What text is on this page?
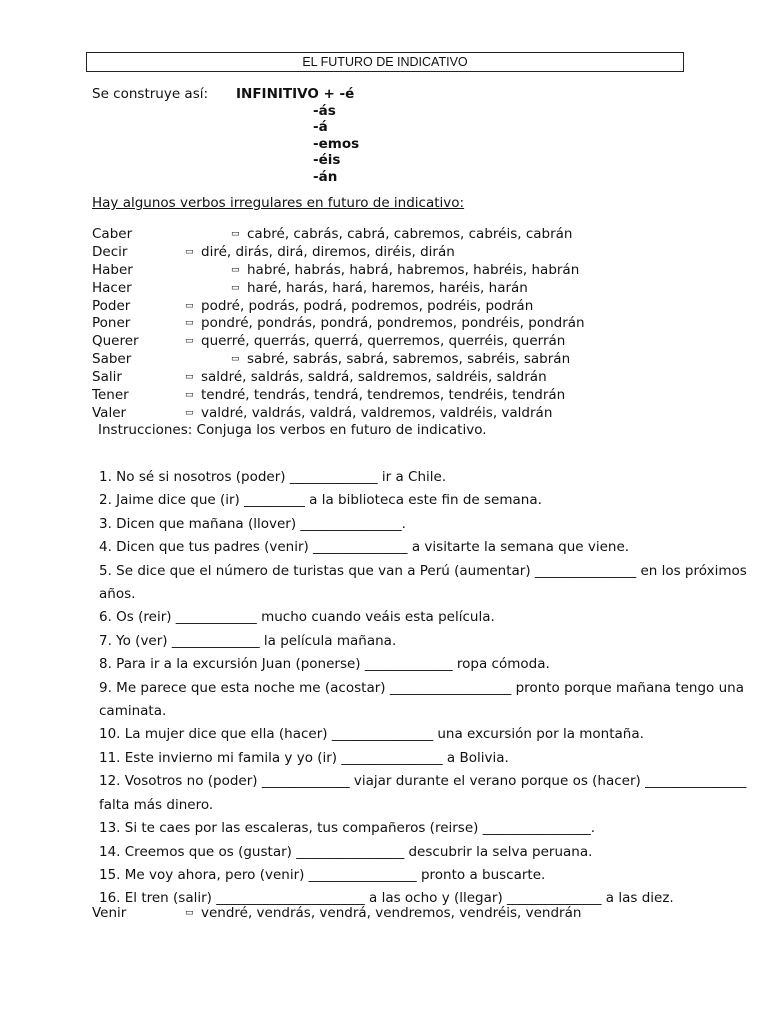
EL FUTURO DE INDICATIVO
Se construye así: INFINITIVO + -é
-ás
-á
-emos
-éis
-án
Hay algunos verbos irregulares en futuro de indicativo:
Caber	▭ cabré, cabrás, cabrá, cabremos, cabréis, cabrán
Decir	▭ diré, dirás, dirá, diremos, diréis, dirán
Haber	▭ habré, habrás, habrá, habremos, habréis, habrán
Hacer	▭ haré, harás, hará, haremos, haréis, harán
Poder	▭ podré, podrás, podrá, podremos, podréis, podrán
Poner	▭ pondré, pondrás, pondrá, pondremos, pondréis, pondrán
Querer	▭ querré, querrás, querrá, querremos, querréis, querrán
Saber	▭ sabré, sabrás, sabrá, sabremos, sabréis, sabrán
Salir	▭ saldré, saldrás, saldrá, saldremos, saldréis, saldrán
Tener	▭ tendré, tendrás, tendrá, tendremos, tendréis, tendrán
Valer	▭ valdré, valdrás, valdrá, valdremos, valdréis, valdrán
Instrucciones: Conjuga los verbos en futuro de indicativo.
1. No sé si nosotros (poder) _____________ ir a Chile.
2. Jaime dice que (ir) _________ a la biblioteca este fin de semana.
3. Dicen que mañana (llover) _______________.
4. Dicen que tus padres (venir) ______________ a visitarte la semana que viene.
5. Se dice que el número de turistas que van a Perú (aumentar) _______________ en los próximos años.
6. Os (reir) ____________ mucho cuando veáis esta película.
7. Yo (ver) _____________ la película mañana.
8. Para ir a la excursión Juan (ponerse) _____________ ropa cómoda.
9. Me parece que esta noche me (acostar) __________________ pronto porque mañana tengo una caminata.
10. La mujer dice que ella (hacer) _______________ una excursión por la montaña.
11. Este invierno mi famila y yo (ir) _______________ a Bolivia.
12. Vosotros no (poder) _____________ viajar durante el verano porque os (hacer) _______________ falta más dinero.
13. Si te caes por las escaleras, tus compañeros (reirse) ________________.
14. Creemos que os (gustar) ________________ descubrir la selva peruana.
15. Me voy ahora, pero (venir) ________________ pronto a buscarte.
16. El tren (salir) ______________________ a las ocho y (llegar) ______________ a las diez.
Venir	▭ vendré, vendrás, vendrá, vendremos, vendréis, vendrán
